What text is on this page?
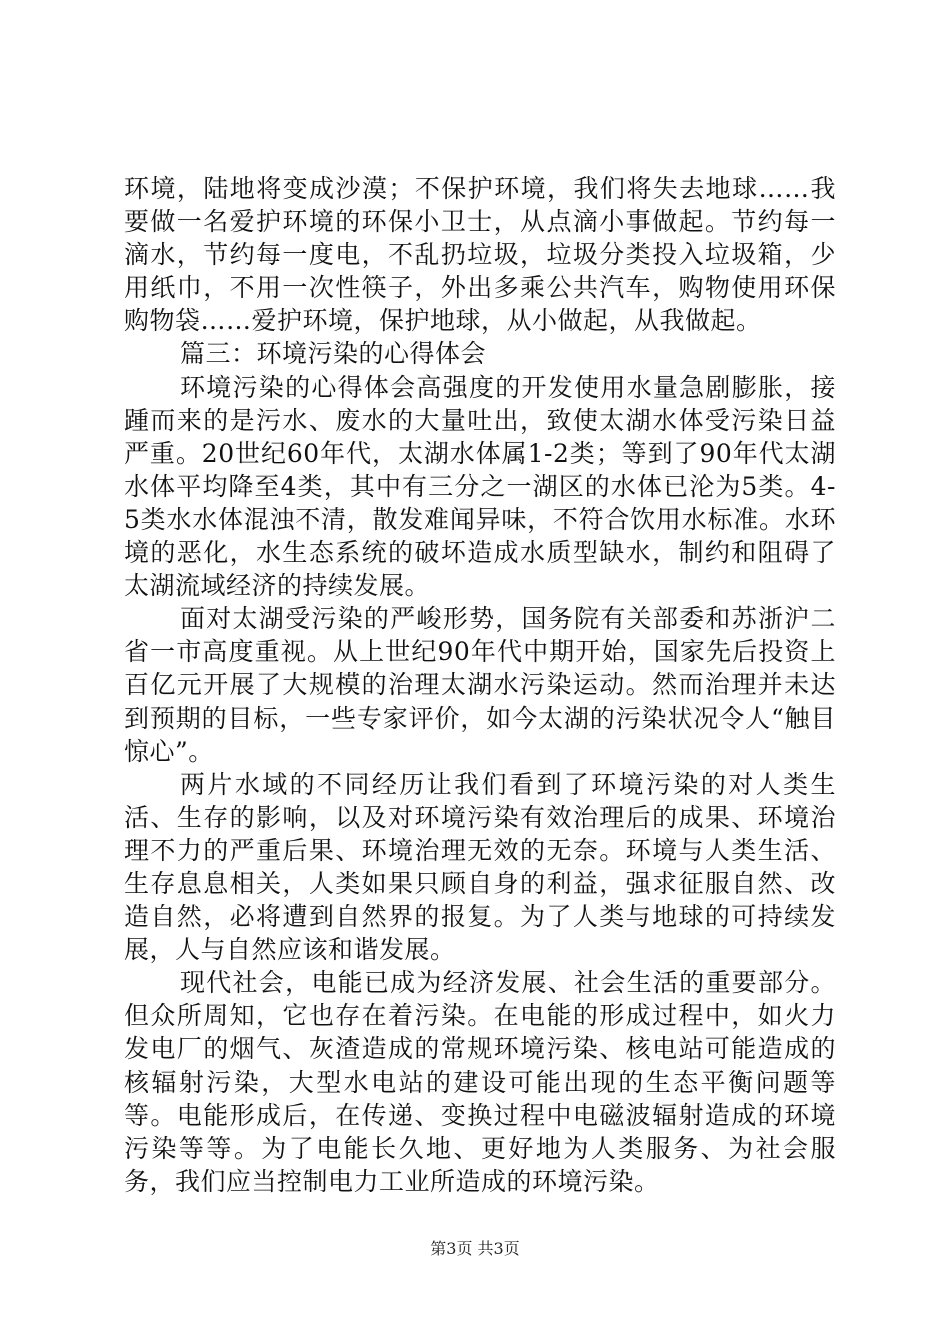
环境，陆地将变成沙漠；不保护环境，我们将失去地球……我要做一名爱护环境的环保小卫士，从点滴小事做起。节约每一滴水，节约每一度电，不乱扔垃圾，垃圾分类投入垃圾箱，少用纸巾，不用一次性筷子，外出多乘公共汽车，购物使用环保购物袋……爱护环境，保护地球，从小做起，从我做起。

篇三：环境污染的心得体会

环境污染的心得体会高强度的开发使用水量急剧膨胀，接踵而来的是污水、废水的大量吐出，致使太湖水体受污染日益严重。20世纪60年代，太湖水体属1-2类；等到了90年代太湖水体平均降至4类，其中有三分之一湖区的水体已沦为5类。4-5类水水体混浊不清，散发难闻异味，不符合饮用水标准。水环境的恶化，水生态系统的破坏造成水质型缺水，制约和阻碍了太湖流域经济的持续发展。

面对太湖受污染的严峻形势，国务院有关部委和苏浙沪二省一市高度重视。从上世纪90年代中期开始，国家先后投资上百亿元开展了大规模的治理太湖水污染运动。然而治理并未达到预期的目标，一些专家评价，如今太湖的污染状况令人“触目惊心”。

两片水域的不同经历让我们看到了环境污染的对人类生活、生存的影响，以及对环境污染有效治理后的成果、环境治理不力的严重后果、环境治理无效的无奈。环境与人类生活、生存息息相关，人类如果只顾自身的利益，强求征服自然、改造自然，必将遭到自然界的报复。为了人类与地球的可持续发展，人与自然应该和谐发展。

现代社会，电能已成为经济发展、社会生活的重要部分。但众所周知，它也存在着污染。在电能的形成过程中，如火力发电厂的烟气、灰渣造成的常规环境污染、核电站可能造成的核辐射污染，大型水电站的建设可能出现的生态平衡问题等等。电能形成后，在传递、变换过程中电磁波辐射造成的环境污染等等。为了电能长久地、更好地为人类服务、为社会服务，我们应当控制电力工业所造成的环境污染。

第3页 共3页
